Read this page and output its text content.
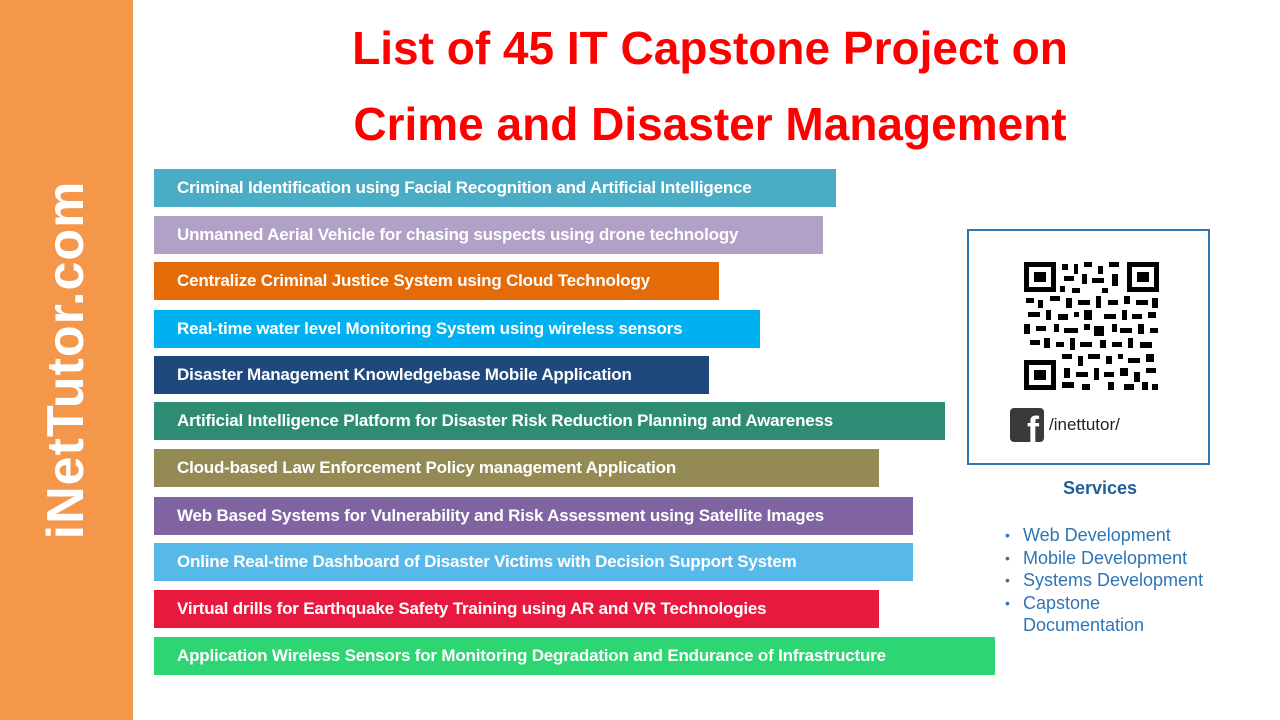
iNetTutor.com
List of 45 IT Capstone Project on
Crime and Disaster Management
Criminal Identification using Facial Recognition and Artificial Intelligence
Unmanned Aerial Vehicle for chasing suspects using drone technology
Centralize Criminal Justice System using Cloud Technology
Real-time water level Monitoring System using wireless sensors
Disaster Management Knowledgebase Mobile Application
Artificial Intelligence Platform for Disaster Risk Reduction Planning and Awareness
Cloud-based Law Enforcement Policy management Application
Web Based Systems for Vulnerability and Risk Assessment using Satellite Images
Online Real-time Dashboard of Disaster Victims with Decision Support System
Virtual drills for Earthquake Safety Training using AR and VR Technologies
Application Wireless Sensors for Monitoring Degradation and Endurance of Infrastructure
f /inettutor/
Services
• Web Development
• Mobile Development
• Systems Development
• Capstone Documentation
